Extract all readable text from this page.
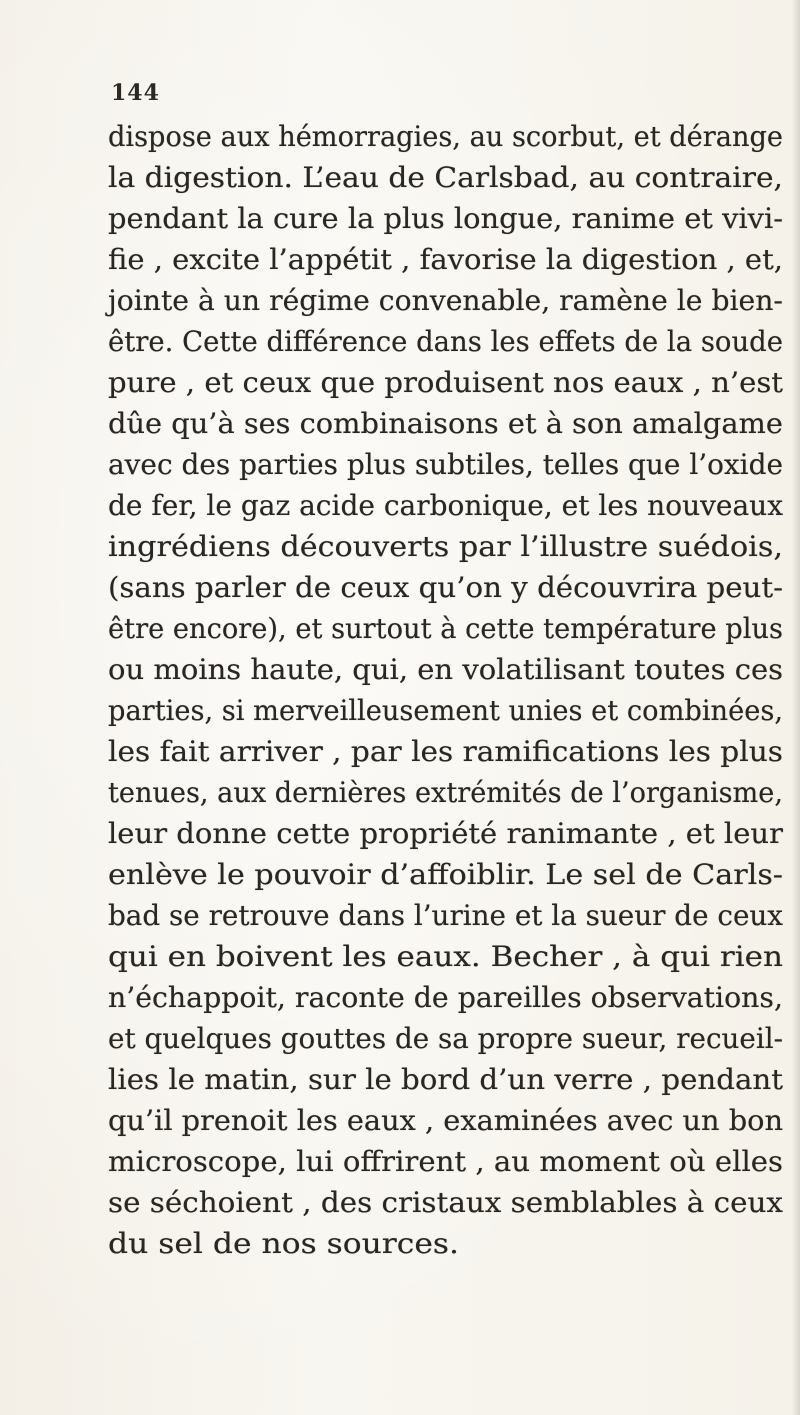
144
dispose aux hémorragies, au scorbut, et dérange
la digestion. L’eau de Carlsbad, au contraire,
pendant la cure la plus longue, ranime et vivi-
fie , excite l’appétit , favorise la digestion , et,
jointe à un régime convenable, ramène le bien-
être. Cette différence dans les effets de la soude
pure , et ceux que produisent nos eaux , n’est
dûe qu’à ses combinaisons et à son amalgame
avec des parties plus subtiles, telles que l’oxide
de fer, le gaz acide carbonique, et les nouveaux
ingrédiens découverts par l’illustre suédois,
(sans parler de ceux qu’on y découvrira peut-
être encore), et surtout à cette température plus
ou moins haute, qui, en volatilisant toutes ces
parties, si merveilleusement unies et combinées,
les fait arriver , par les ramifications les plus
tenues, aux dernières extrémités de l’organisme,
leur donne cette propriété ranimante , et leur
enlève le pouvoir d’affoiblir. Le sel de Carls-
bad se retrouve dans l’urine et la sueur de ceux
qui en boivent les eaux. Becher , à qui rien
n’échappoit, raconte de pareilles observations,
et quelques gouttes de sa propre sueur, recueil-
lies le matin, sur le bord d’un verre , pendant
qu’il prenoit les eaux , examinées avec un bon
microscope, lui offrirent , au moment où elles
se séchoient , des cristaux semblables à ceux
du sel de nos sources.
